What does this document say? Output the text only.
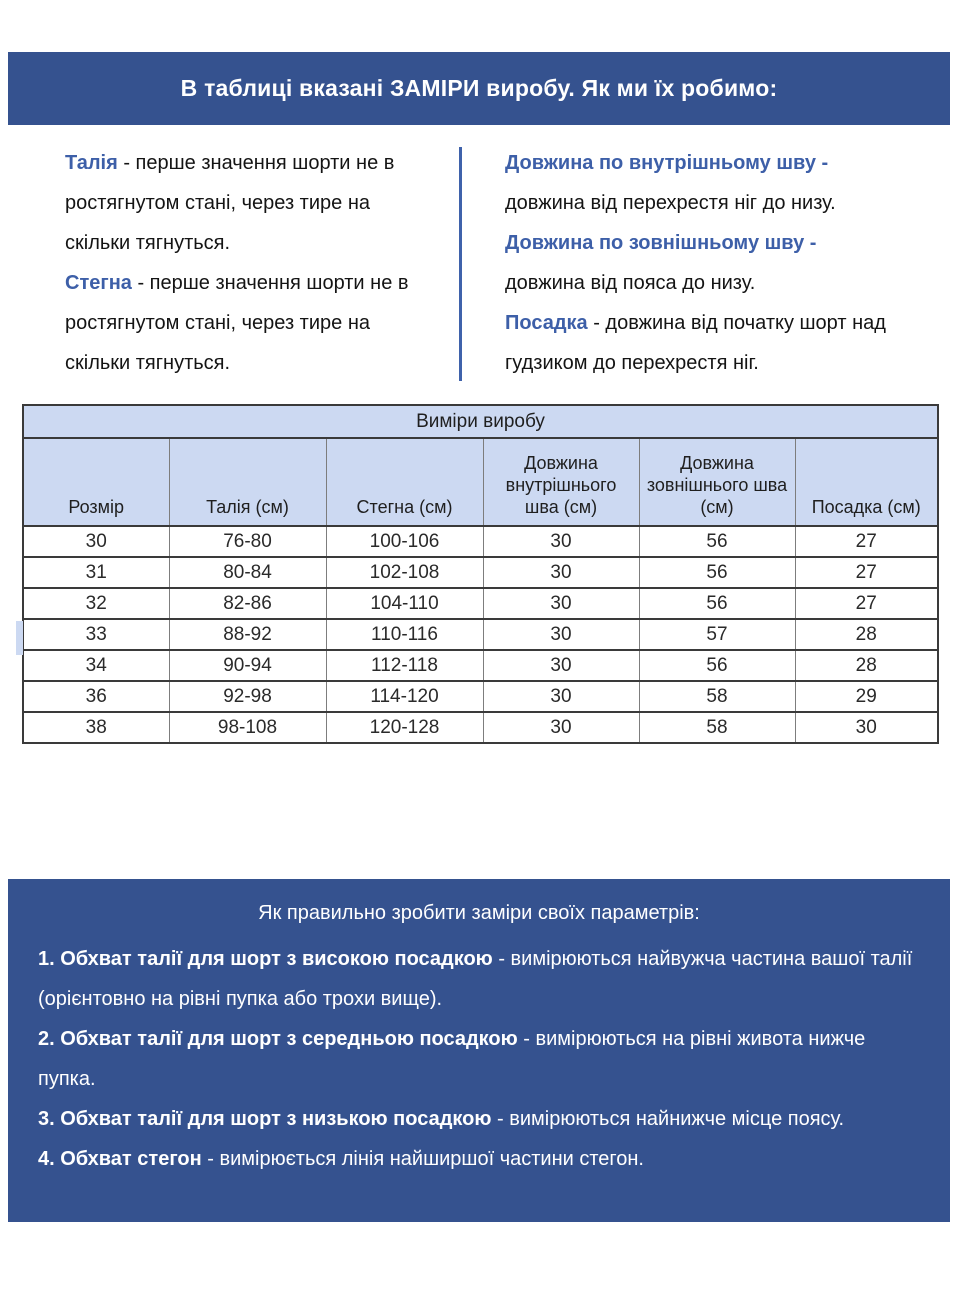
В таблиці вказані ЗАМІРИ виробу. Як ми їх робимо:

Талія - перше значення шорти не в ростягнутом стані, через тире на скільки тягнуться.

Стегна - перше значення шорти не в ростягнутом стані, через тире на скільки тягнуться.

Довжина по внутрішньому шву - довжина від перехрестя ніг до низу.

Довжина по зовнішньому шву - довжина від пояса до низу.

Посадка - довжина від початку шорт над гудзиком до перехрестя ніг.

Виміри виробу					
Розмір	Талія (см)	Стегна (см)	Довжина внутрішнього шва (см)	Довжина зовнішнього шва (см)	Посадка (см)
30	76-80	100-106	30	56	27
31	80-84	102-108	30	56	27
32	82-86	104-110	30	56	27
33	88-92	110-116	30	57	28
34	90-94	112-118	30	56	28
36	92-98	114-120	30	58	29
38	98-108	120-128	30	58	30

Як правильно зробити заміри своїх параметрів:

1. Обхват талії для шорт з високою посадкою - вимірюються найвужча частина вашої талії (орієнтовно на рівні пупка або трохи вище).

2. Обхват талії для шорт з середньою посадкою - вимірюються на рівні живота нижче пупка.

3. Обхват талії для шорт з низькою посадкою - вимірюються найнижче місце поясу.

4. Обхват стегон - вимірюється лінія найширшої частини стегон.
